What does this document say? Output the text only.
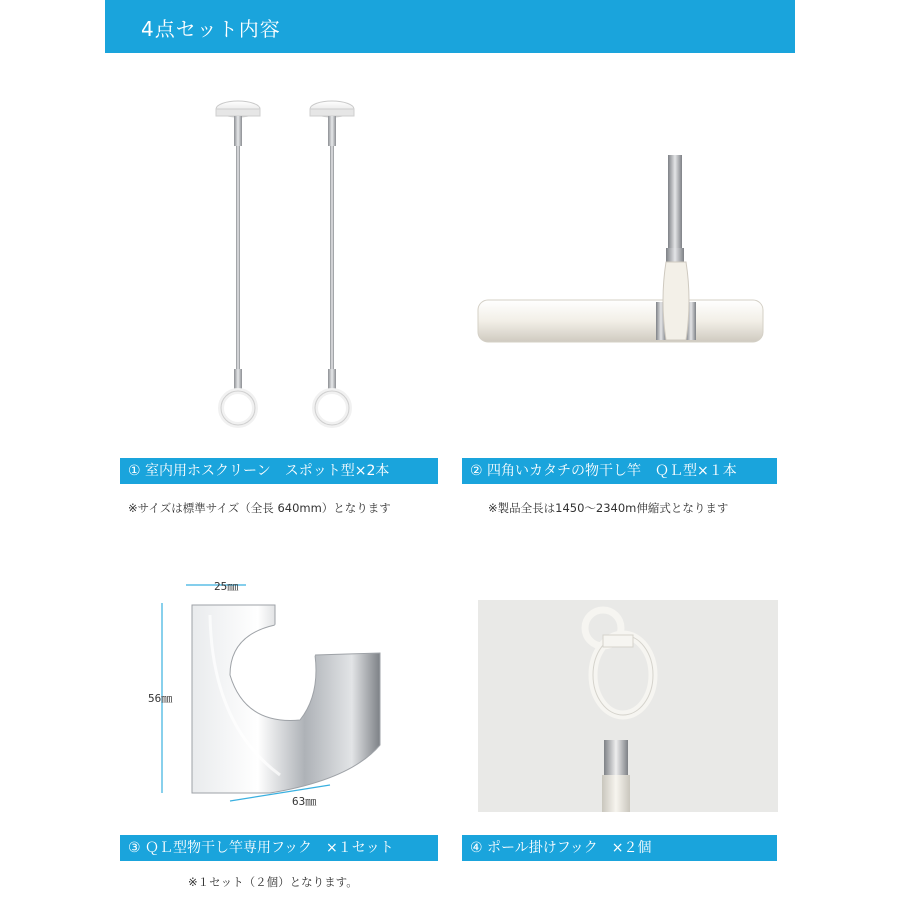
4点セット内容
① 室内用ホスクリーン　スポット型×2本
※サイズは標準サイズ（全長 640mm）となります
② 四角いカタチの物干し竿　ＱＬ型×１本
※製品全長は1450～2340m伸縮式となります
25㎜
56㎜
63㎜
③ ＱＬ型物干し竿専用フック　×１セット
※１セット（２個）となります。
④ ポール掛けフック　×２個
